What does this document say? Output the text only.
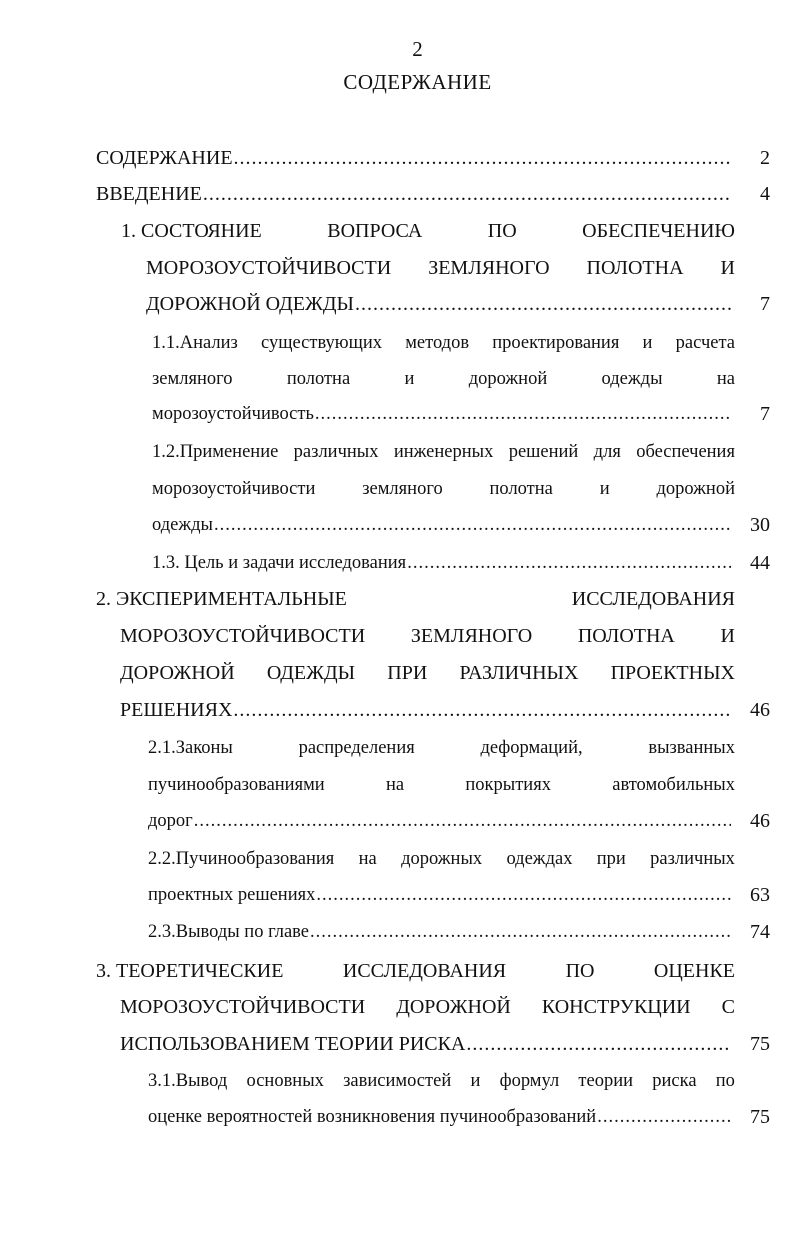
2
СОДЕРЖАНИЕ
СОДЕРЖАНИЕ .....	2
ВВЕДЕНИЕ .....	4
1. СОСТОЯНИЕ	ВОПРОСА	ПО	ОБЕСПЕЧЕНИЮ
МОРОЗОУСТОЙЧИВОСТИ ЗЕМЛЯНОГО ПОЛОТНА И
ДОРОЖНОЙ ОДЕЖДЫ .....	7
1.1.Анализ существующих методов проектирования и расчета
земляного	полотна	и	дорожной	одежды	на
морозоустойчивость .....	7
1.2.Применение различных инженерных решений для обеспечения
морозоустойчивости	земляного	полотна	и	дорожной
одежды .....	30
1.3. Цель и задачи исследования .....	44
2. ЭКСПЕРИМЕНТАЛЬНЫЕ	ИССЛЕДОВАНИЯ
МОРОЗОУСТОЙЧИВОСТИ ЗЕМЛЯНОГО ПОЛОТНА И
ДОРОЖНОЙ ОДЕЖДЫ ПРИ РАЗЛИЧНЫХ ПРОЕКТНЫХ
РЕШЕНИЯХ .....	46
2.1.Законы	распределения	деформаций,	вызванных
пучинообразованиями	на	покрытиях	автомобильных
дорог .....	46
2.2.Пучинообразования на дорожных одеждах при различных
проектных решениях .....	63
2.3.Выводы по главе .....	74
3. ТЕОРЕТИЧЕСКИЕ	ИССЛЕДОВАНИЯ	ПО	ОЦЕНКЕ
МОРОЗОУСТОЙЧИВОСТИ ДОРОЖНОЙ КОНСТРУКЦИИ С
ИСПОЛЬЗОВАНИЕМ ТЕОРИИ РИСКА .....	75
3.1.Вывод основных зависимостей и формул теории риска по
оценке вероятностей возникновения пучинообразований .....	75
